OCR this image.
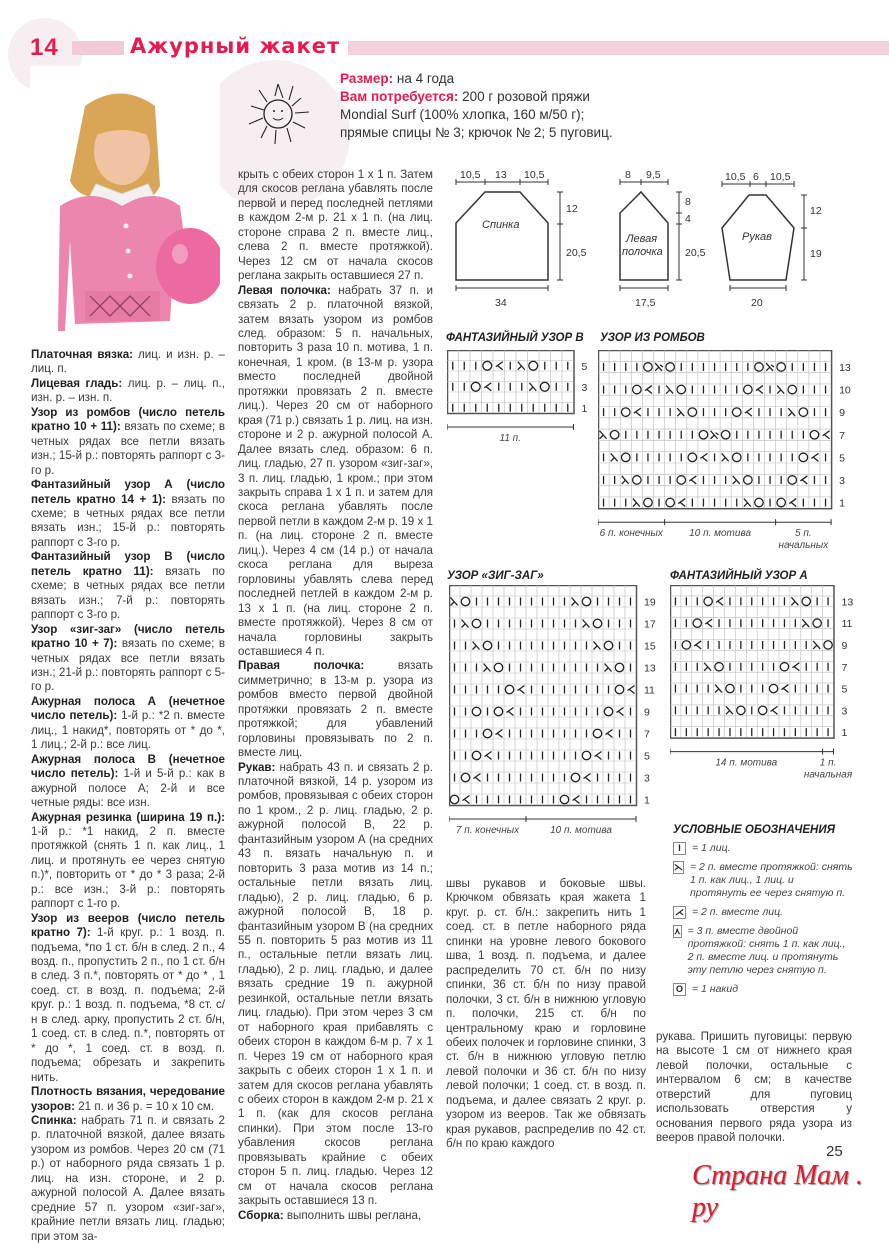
14	Ажурный жакет
Размер: на 4 года
Вам потребуется: 200 г розовой пряжи
Mondial Surf (100% хлопка, 160 м/50 г);
прямые спицы № 3; крючок № 2; 5 пуговиц.

Платочная вязка: лиц. и изн. р. – лиц. п.

Лицевая гладь: лиц. р. – лиц. п., изн. р. – изн. п.

Узор из ромбов (число петель кратно 10 + 11): вязать по схеме; в четных рядах все петли вязать изн.; 15-й р.: повторять раппорт с 3-го р.

Фантазийный узор А (число петель кратно 14 + 1): вязать по схеме; в четных рядах все петли вязать изн.; 15-й р.: повторять раппорт с 3-го р.

Фантазийный узор В (число петель кратно 11): вязать по схеме; в четных рядах все петли вязать изн.; 7-й р.: повторять раппорт с 3-го р.

Узор «зиг-заг» (число петель кратно 10 + 7): вязать по схеме; в четных рядах все петли вязать изн.; 21-й р.: повторять раппорт с 5-го р.

Ажурная полоса А (нечетное число петель): 1-й р.: *2 п. вместе лиц., 1 накид*, повторять от * до *, 1 лиц.; 2-й р.: все лиц.

Ажурная полоса В (нечетное число петель): 1-й и 5-й р.: как в ажурной полосе А; 2-й и все четные ряды: все изн.

Ажурная резинка (ширина 19 п.): 1-й р.: *1 накид, 2 п. вместе протяжкой (снять 1 п. как лиц., 1 лиц. и протянуть ее через снятую п.)*, повторить от * до * 3 раза; 2-й р.: все изн.; 3-й р.: повторять раппорт с 1-го р.

Узор из вееров (число петель кратно 7): 1-й круг. р.: 1 возд. п. подъема, *по 1 ст. б/н в след. 2 п., 4 возд. п., пропустить 2 п., по 1 ст. б/н в след. 3 п.*, повторять от * до * , 1 соед. ст. в возд. п. подъема; 2-й круг. р.: 1 возд. п. подъема, *8 ст. с/н в след. арку, пропустить 2 ст. б/н, 1 соед. ст. в след. п.*, повторять от * до *, 1 соед. ст. в возд. п. подъема; обрезать и закрепить нить.

Плотность вязания, чередование узоров: 21 п. и 36 р. = 10 х 10 см.

Спинка: набрать 71 п. и связать 2 р. платочной вязкой, далее вязать узором из ромбов. Через 20 см (71 р.) от наборного ряда связать 1 р. лиц. на изн. стороне, и 2 р. ажурной полосой А. Далее вязать средние 57 п. узором «зиг-заг», крайние петли вязать лиц. гладью; при этом за-

крыть с обеих сторон 1 х 1 п. Затем для скосов реглана убавлять после первой и перед последней петлями в каждом 2-м р. 21 х 1 п. (на лиц. стороне справа 2 п. вместе лиц., слева 2 п. вместе протяжкой). Через 12 см от начала скосов реглана закрыть оставшиеся 27 п.

Левая полочка: набрать 37 п. и связать 2 р. платочной вязкой, затем вязать узором из ромбов след. образом: 5 п. начальных, повторить 3 раза 10 п. мотива, 1 п. конечная, 1 кром. (в 13-м р. узора вместо последней двойной протяжки провязать 2 п. вместе лиц.). Через 20 см от наборного края (71 р.) связать 1 р. лиц. на изн. стороне и 2 р. ажурной полосой А. Далее вязать след. образом: 6 п. лиц. гладью, 27 п. узором «зиг-заг», 3 п. лиц. гладью, 1 кром.; при этом закрыть справа 1 х 1 п. и затем для скоса реглана убавлять после первой петли в каждом 2-м р. 19 х 1 п. (на лиц. стороне 2 п. вместе лиц.). Через 4 см (14 р.) от начала скоса реглана для выреза горловины убавлять слева перед последней петлей в каждом 2-м р. 13 х 1 п. (на лиц. стороне 2 п. вместе протяжкой). Через 8 см от начала горловины закрыть оставшиеся 4 п.

Правая полочка: вязать симметрично; в 13-м р. узора из ромбов вместо первой двойной протяжки провязать 2 п. вместе протяжкой; для убавлений горловины провязывать по 2 п. вместе лиц.

Рукав: набрать 43 п. и связать 2 р. платочной вязкой, 14 р. узором из ромбов, провязывая с обеих сторон по 1 кром., 2 р. лиц. гладью, 2 р. ажурной полосой В, 22 р. фантазийным узором А (на средних 43 п. вязать начальную п. и повторить 3 раза мотив из 14 п.; остальные петли вязать лиц. гладью), 2 р. лиц. гладью, 6 р. ажурной полосой В, 18 р. фантазийным узором В (на средних 55 п. повторить 5 раз мотив из 11 п., остальные петли вязать лиц. гладью), 2 р. лиц. гладью, и далее вязать средние 19 п. ажурной резинкой, остальные петли вязать лиц. гладью). При этом через 3 см от наборного края прибавлять с обеих сторон в каждом 6-м р. 7 х 1 п. Через 19 см от наборного края закрыть с обеих сторон 1 х 1 п. и затем для скосов реглана убавлять с обеих сторон в каждом 2-м р. 21 х 1 п. (как для скосов реглана спинки). При этом после 13-го убавления скосов реглана провязывать крайние с обеих сторон 5 п. лиц. гладью. Через 12 см от начала скосов реглана закрыть оставшиеся 13 п.

Сборка: выполнить швы реглана,

швы рукавов и боковые швы. Крючком обвязать края жакета 1 круг. р. ст. б/н.: закрепить нить 1 соед. ст. в петле наборного ряда спинки на уровне левого бокового шва, 1 возд. п. подъема, и далее распределить 70 ст. б/н по низу спинки, 36 ст. б/н по низу правой полочки, 3 ст. б/н в нижнюю угловую п. полочки, 215 ст. б/н по центральному краю и горловине обеих полочек и горловине спинки, 3 ст. б/н в нижнюю угловую петлю левой полочки и 36 ст. б/н по низу левой полочки; 1 соед. ст. в возд. п. подъема, и далее связать 2 круг. р. узором из вееров. Так же обвязать края рукавов, распределив по 42 ст. б/н по краю каждого

рукава. Пришить пуговицы: первую на высоте 1 см от нижнего края левой полочки, остальные с интервалом 6 см; в качестве отверстий для пуговиц использовать отверстия у основания первого ряда узора из вееров правой полочки.

10,5 13 10,5
Спинка
12
20,5
34
8 9,5
Левая
полочка
8
4
20,5
17,5
10,5 6 10,5
Рукав
12
19
20
ФАНТАЗИЙНЫЙ УЗОР В
5
3
1
11 п.
УЗОР ИЗ РОМБОВ
13
10
9
7
5
3
1
6 п. конечных	10 п. мотива	5 п.
начальных
УЗОР «ЗИГ-ЗАГ»
19
17
15
13
11
9
7
5
3
1
7 п. конечных	10 п. мотива
ФАНТАЗИЙНЫЙ УЗОР А
13
11
9
7
5
3
1
14 п. мотива	1 п.
начальная
УСЛОВНЫЕ ОБОЗНАЧЕНИЯ
I	= 1 лиц.
⋋ = 2 п. вместе протяжкой: снять 1 п. как лиц., 1 лиц. и протянуть ее через снятую п.
⋌ = 2 п. вместе лиц.
⋏ = 3 п. вместе двойной протяжкой: снять 1 п. как лиц., 2 п. вместе лиц. и протянуть эту петлю через снятую п.
O = 1 накид
25
Страна Мам . ру
